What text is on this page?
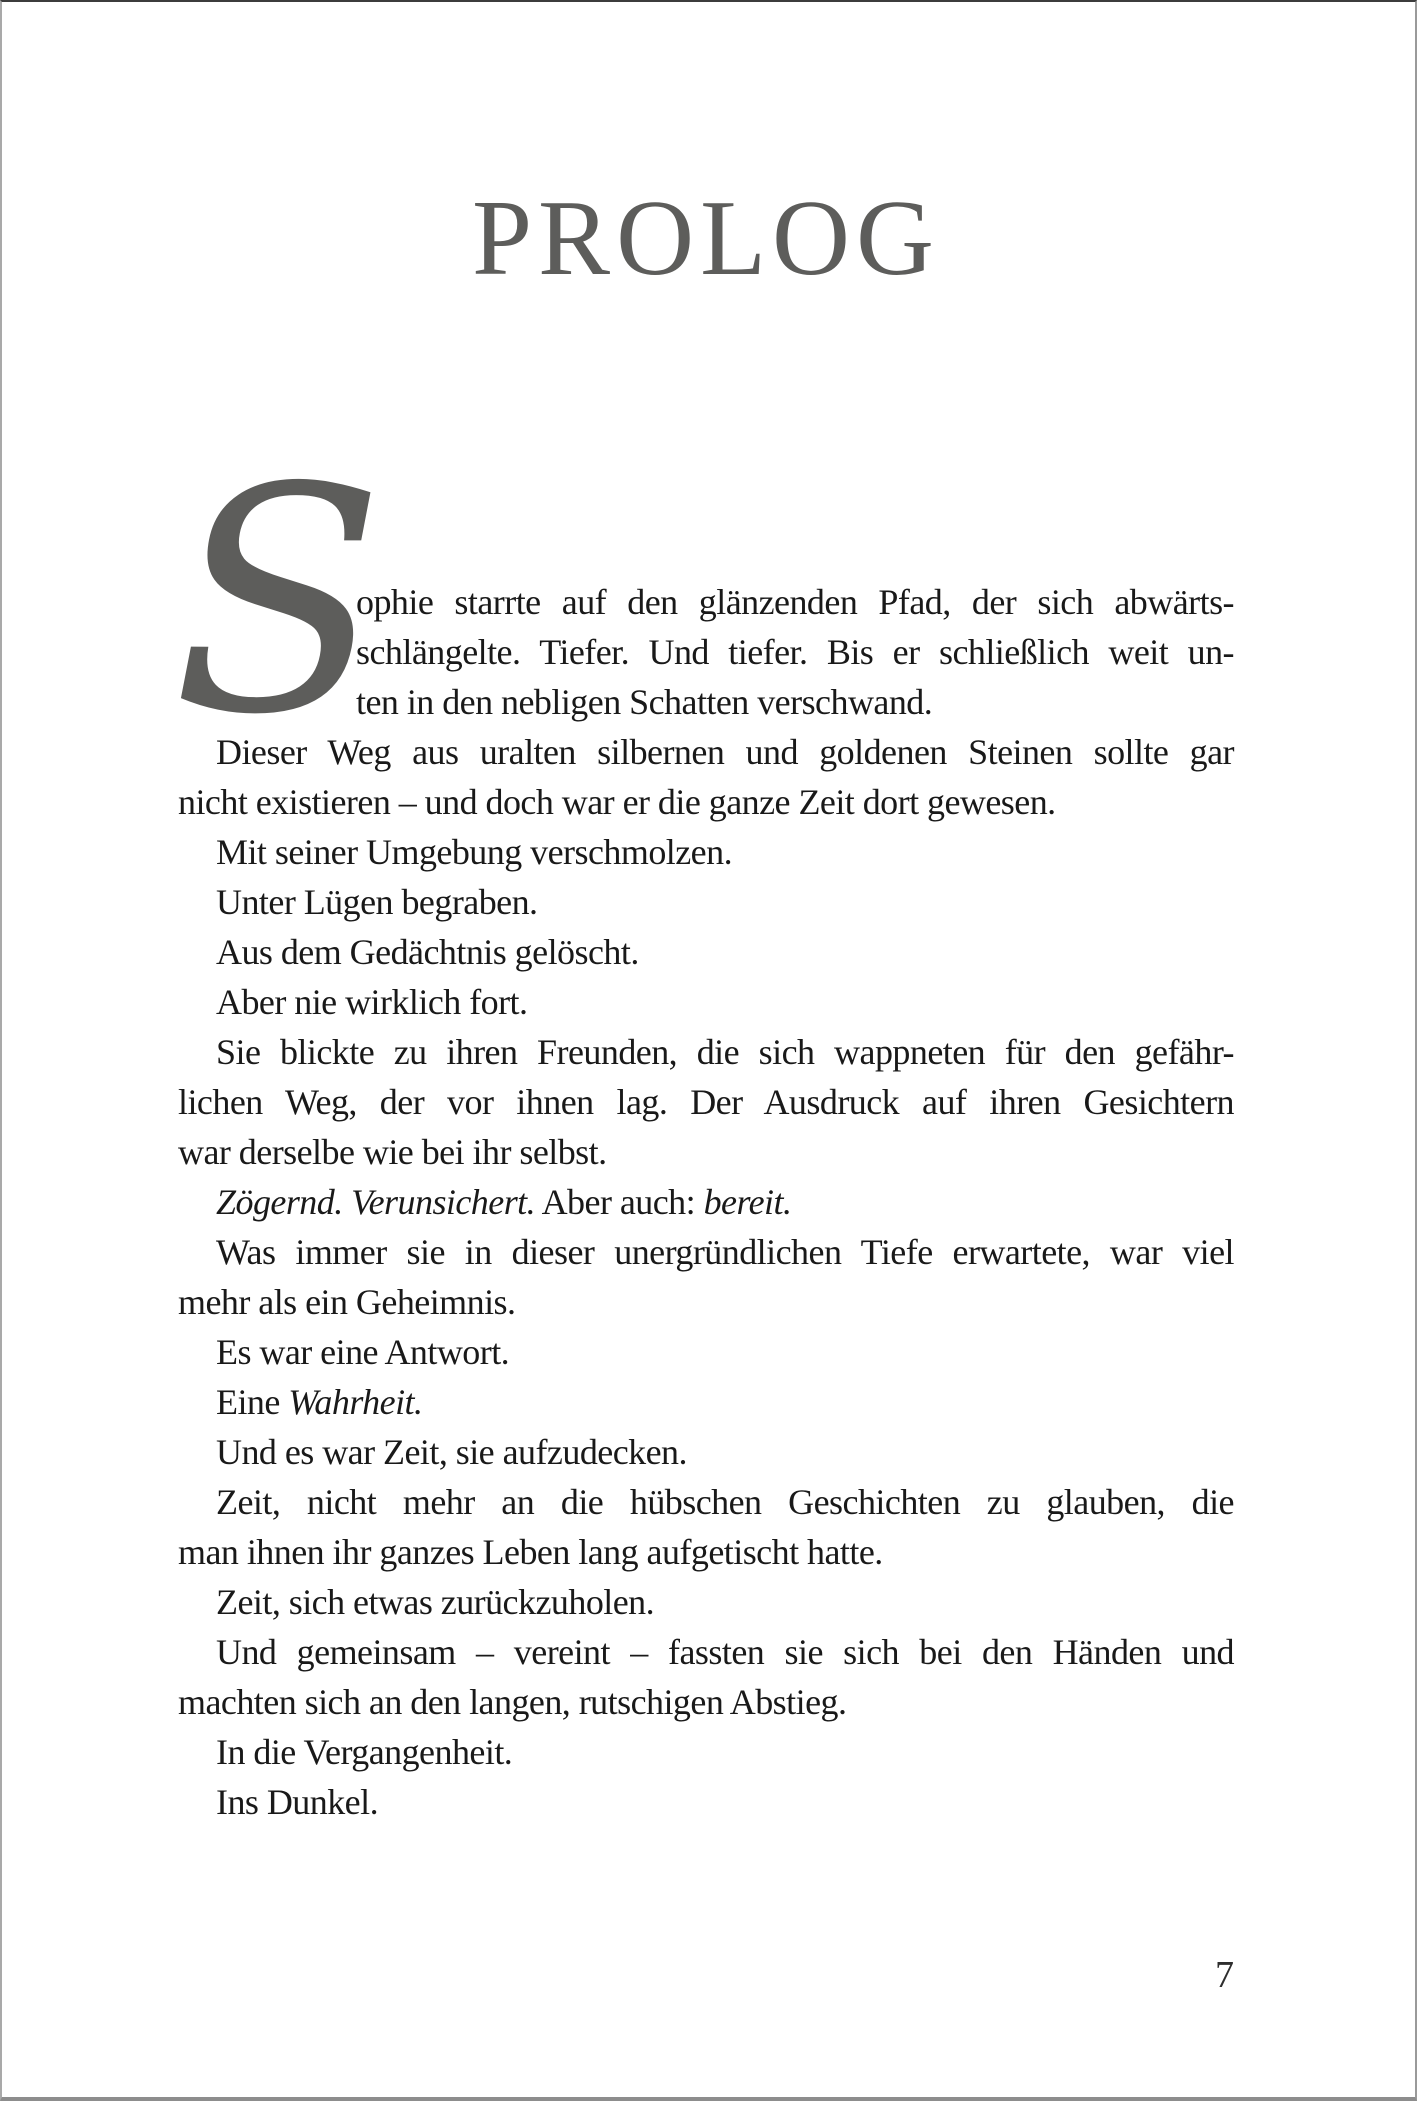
PROLOG
S
ophie starrte auf den glänzenden Pfad, der sich abwärts-
schlängelte. Tiefer. Und tiefer. Bis er schließlich weit un-
ten in den nebligen Schatten verschwand.
Dieser Weg aus uralten silbernen und goldenen Steinen sollte gar
nicht existieren – und doch war er die ganze Zeit dort gewesen.
Mit seiner Umgebung verschmolzen.
Unter Lügen begraben.
Aus dem Gedächtnis gelöscht.
Aber nie wirklich fort.
Sie blickte zu ihren Freunden, die sich wappneten für den gefähr-
lichen Weg, der vor ihnen lag. Der Ausdruck auf ihren Gesichtern
war derselbe wie bei ihr selbst.
Zögernd. Verunsichert. Aber auch: bereit.
Was immer sie in dieser unergründlichen Tiefe erwartete, war viel
mehr als ein Geheimnis.
Es war eine Antwort.
Eine Wahrheit.
Und es war Zeit, sie aufzudecken.
Zeit, nicht mehr an die hübschen Geschichten zu glauben, die
man ihnen ihr ganzes Leben lang aufgetischt hatte.
Zeit, sich etwas zurückzuholen.
Und gemeinsam – vereint – fassten sie sich bei den Händen und
machten sich an den langen, rutschigen Abstieg.
In die Vergangenheit.
Ins Dunkel.
7
